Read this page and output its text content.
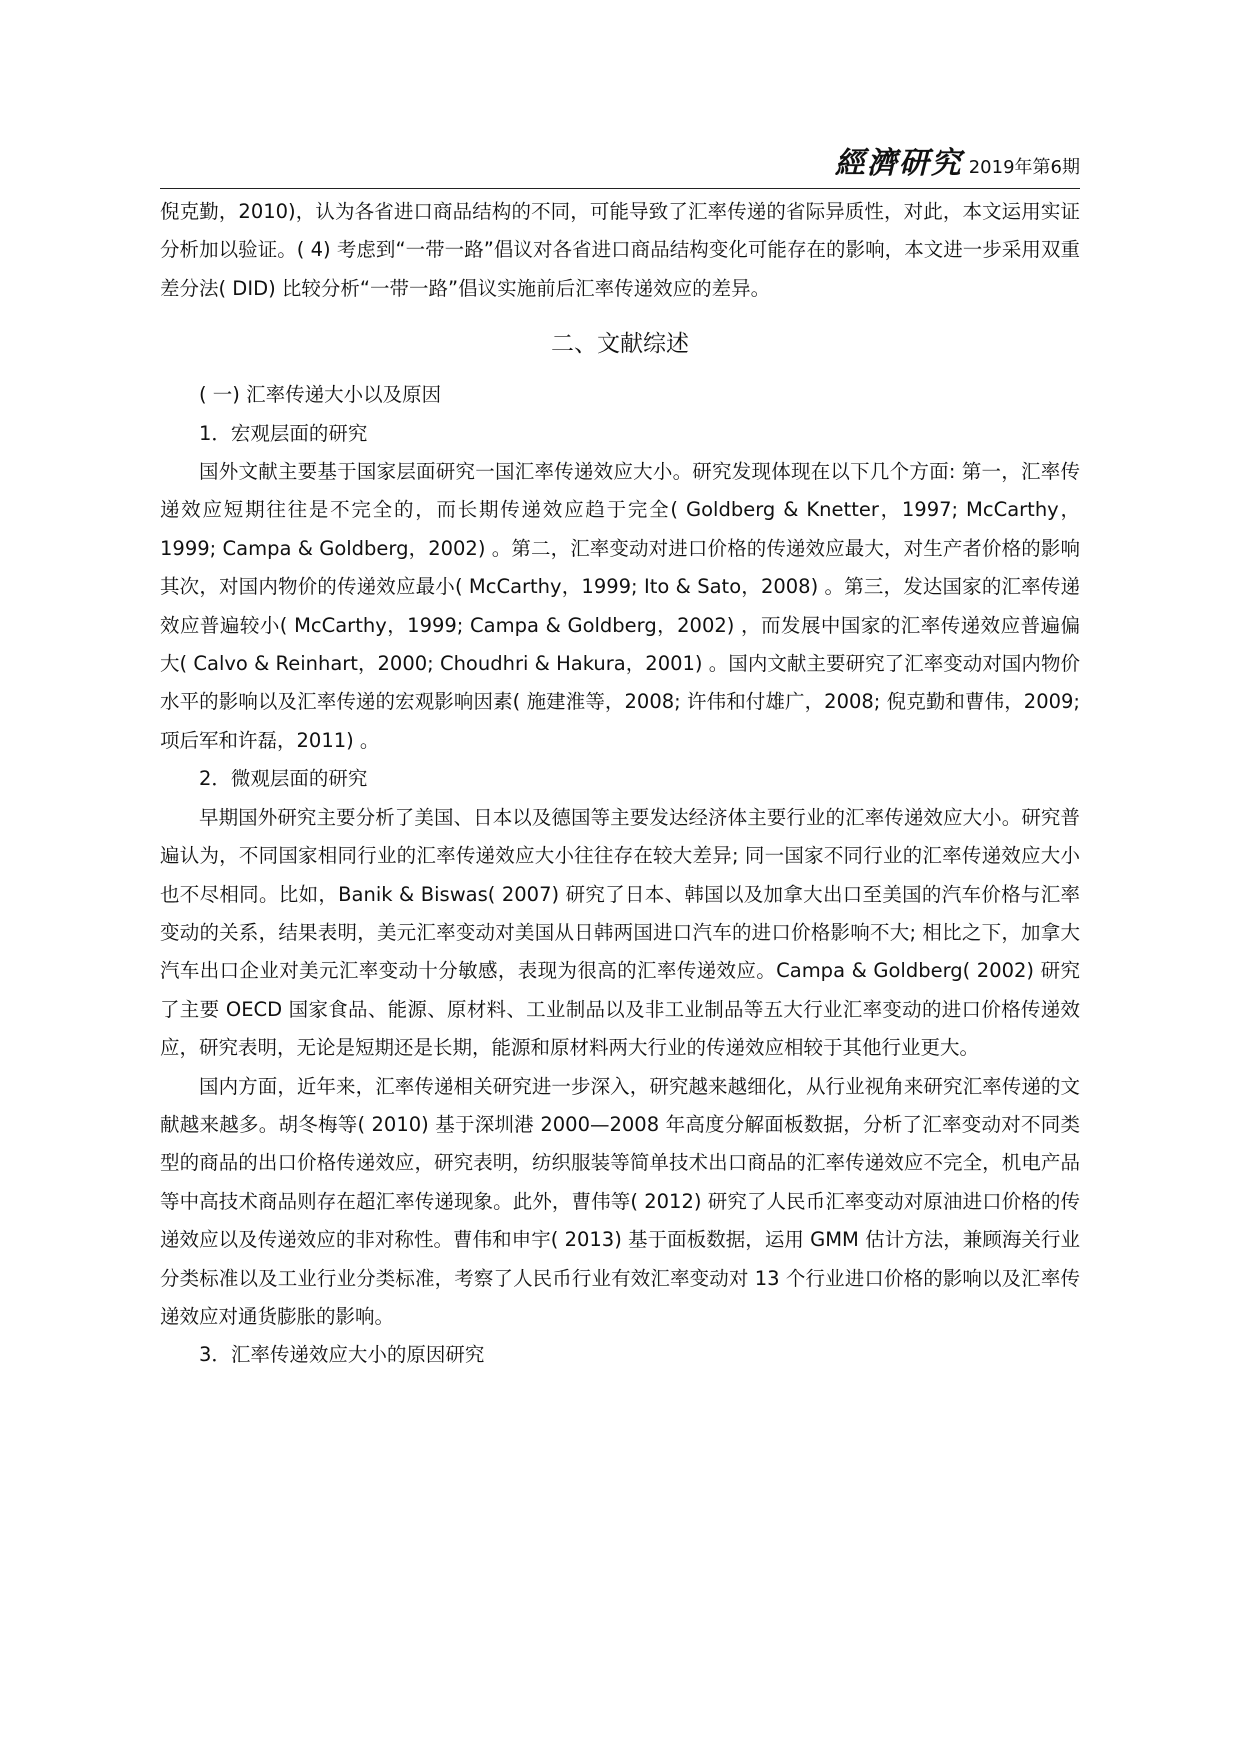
經濟研究 2019年第6期

倪克勤，2010)，认为各省进口商品结构的不同，可能导致了汇率传递的省际异质性，对此，本文运用实证分析加以验证。( 4) 考虑到“一带一路”倡议对各省进口商品结构变化可能存在的影响，本文进一步采用双重差分法( DID) 比较分析“一带一路”倡议实施前后汇率传递效应的差异。

二、文献综述

( 一) 汇率传递大小以及原因

1．宏观层面的研究

国外文献主要基于国家层面研究一国汇率传递效应大小。研究发现体现在以下几个方面: 第一，汇率传递效应短期往往是不完全的，而长期传递效应趋于完全( Goldberg & Knetter，1997; McCarthy，1999; Campa & Goldberg，2002) 。第二，汇率变动对进口价格的传递效应最大，对生产者价格的影响其次，对国内物价的传递效应最小( McCarthy，1999; Ito & Sato，2008) 。第三，发达国家的汇率传递效应普遍较小( McCarthy，1999; Campa & Goldberg，2002) ，而发展中国家的汇率传递效应普遍偏大( Calvo & Reinhart，2000; Choudhri & Hakura，2001) 。国内文献主要研究了汇率变动对国内物价水平的影响以及汇率传递的宏观影响因素( 施建淮等，2008; 许伟和付雄广，2008; 倪克勤和曹伟，2009; 项后军和许磊，2011) 。

2．微观层面的研究

早期国外研究主要分析了美国、日本以及德国等主要发达经济体主要行业的汇率传递效应大小。研究普遍认为，不同国家相同行业的汇率传递效应大小往往存在较大差异; 同一国家不同行业的汇率传递效应大小也不尽相同。比如，Banik & Biswas( 2007) 研究了日本、韩国以及加拿大出口至美国的汽车价格与汇率变动的关系，结果表明，美元汇率变动对美国从日韩两国进口汽车的进口价格影响不大; 相比之下，加拿大汽车出口企业对美元汇率变动十分敏感，表现为很高的汇率传递效应。Campa & Goldberg( 2002) 研究了主要 OECD 国家食品、能源、原材料、工业制品以及非工业制品等五大行业汇率变动的进口价格传递效应，研究表明，无论是短期还是长期，能源和原材料两大行业的传递效应相较于其他行业更大。

国内方面，近年来，汇率传递相关研究进一步深入，研究越来越细化，从行业视角来研究汇率传递的文献越来越多。胡冬梅等( 2010) 基于深圳港 2000—2008 年高度分解面板数据，分析了汇率变动对不同类型的商品的出口价格传递效应，研究表明，纺织服装等简单技术出口商品的汇率传递效应不完全，机电产品等中高技术商品则存在超汇率传递现象。此外，曹伟等( 2012) 研究了人民币汇率变动对原油进口价格的传递效应以及传递效应的非对称性。曹伟和申宇( 2013) 基于面板数据，运用 GMM 估计方法，兼顾海关行业分类标准以及工业行业分类标准，考察了人民币行业有效汇率变动对 13 个行业进口价格的影响以及汇率传递效应对通货膨胀的影响。

3．汇率传递效应大小的原因研究
